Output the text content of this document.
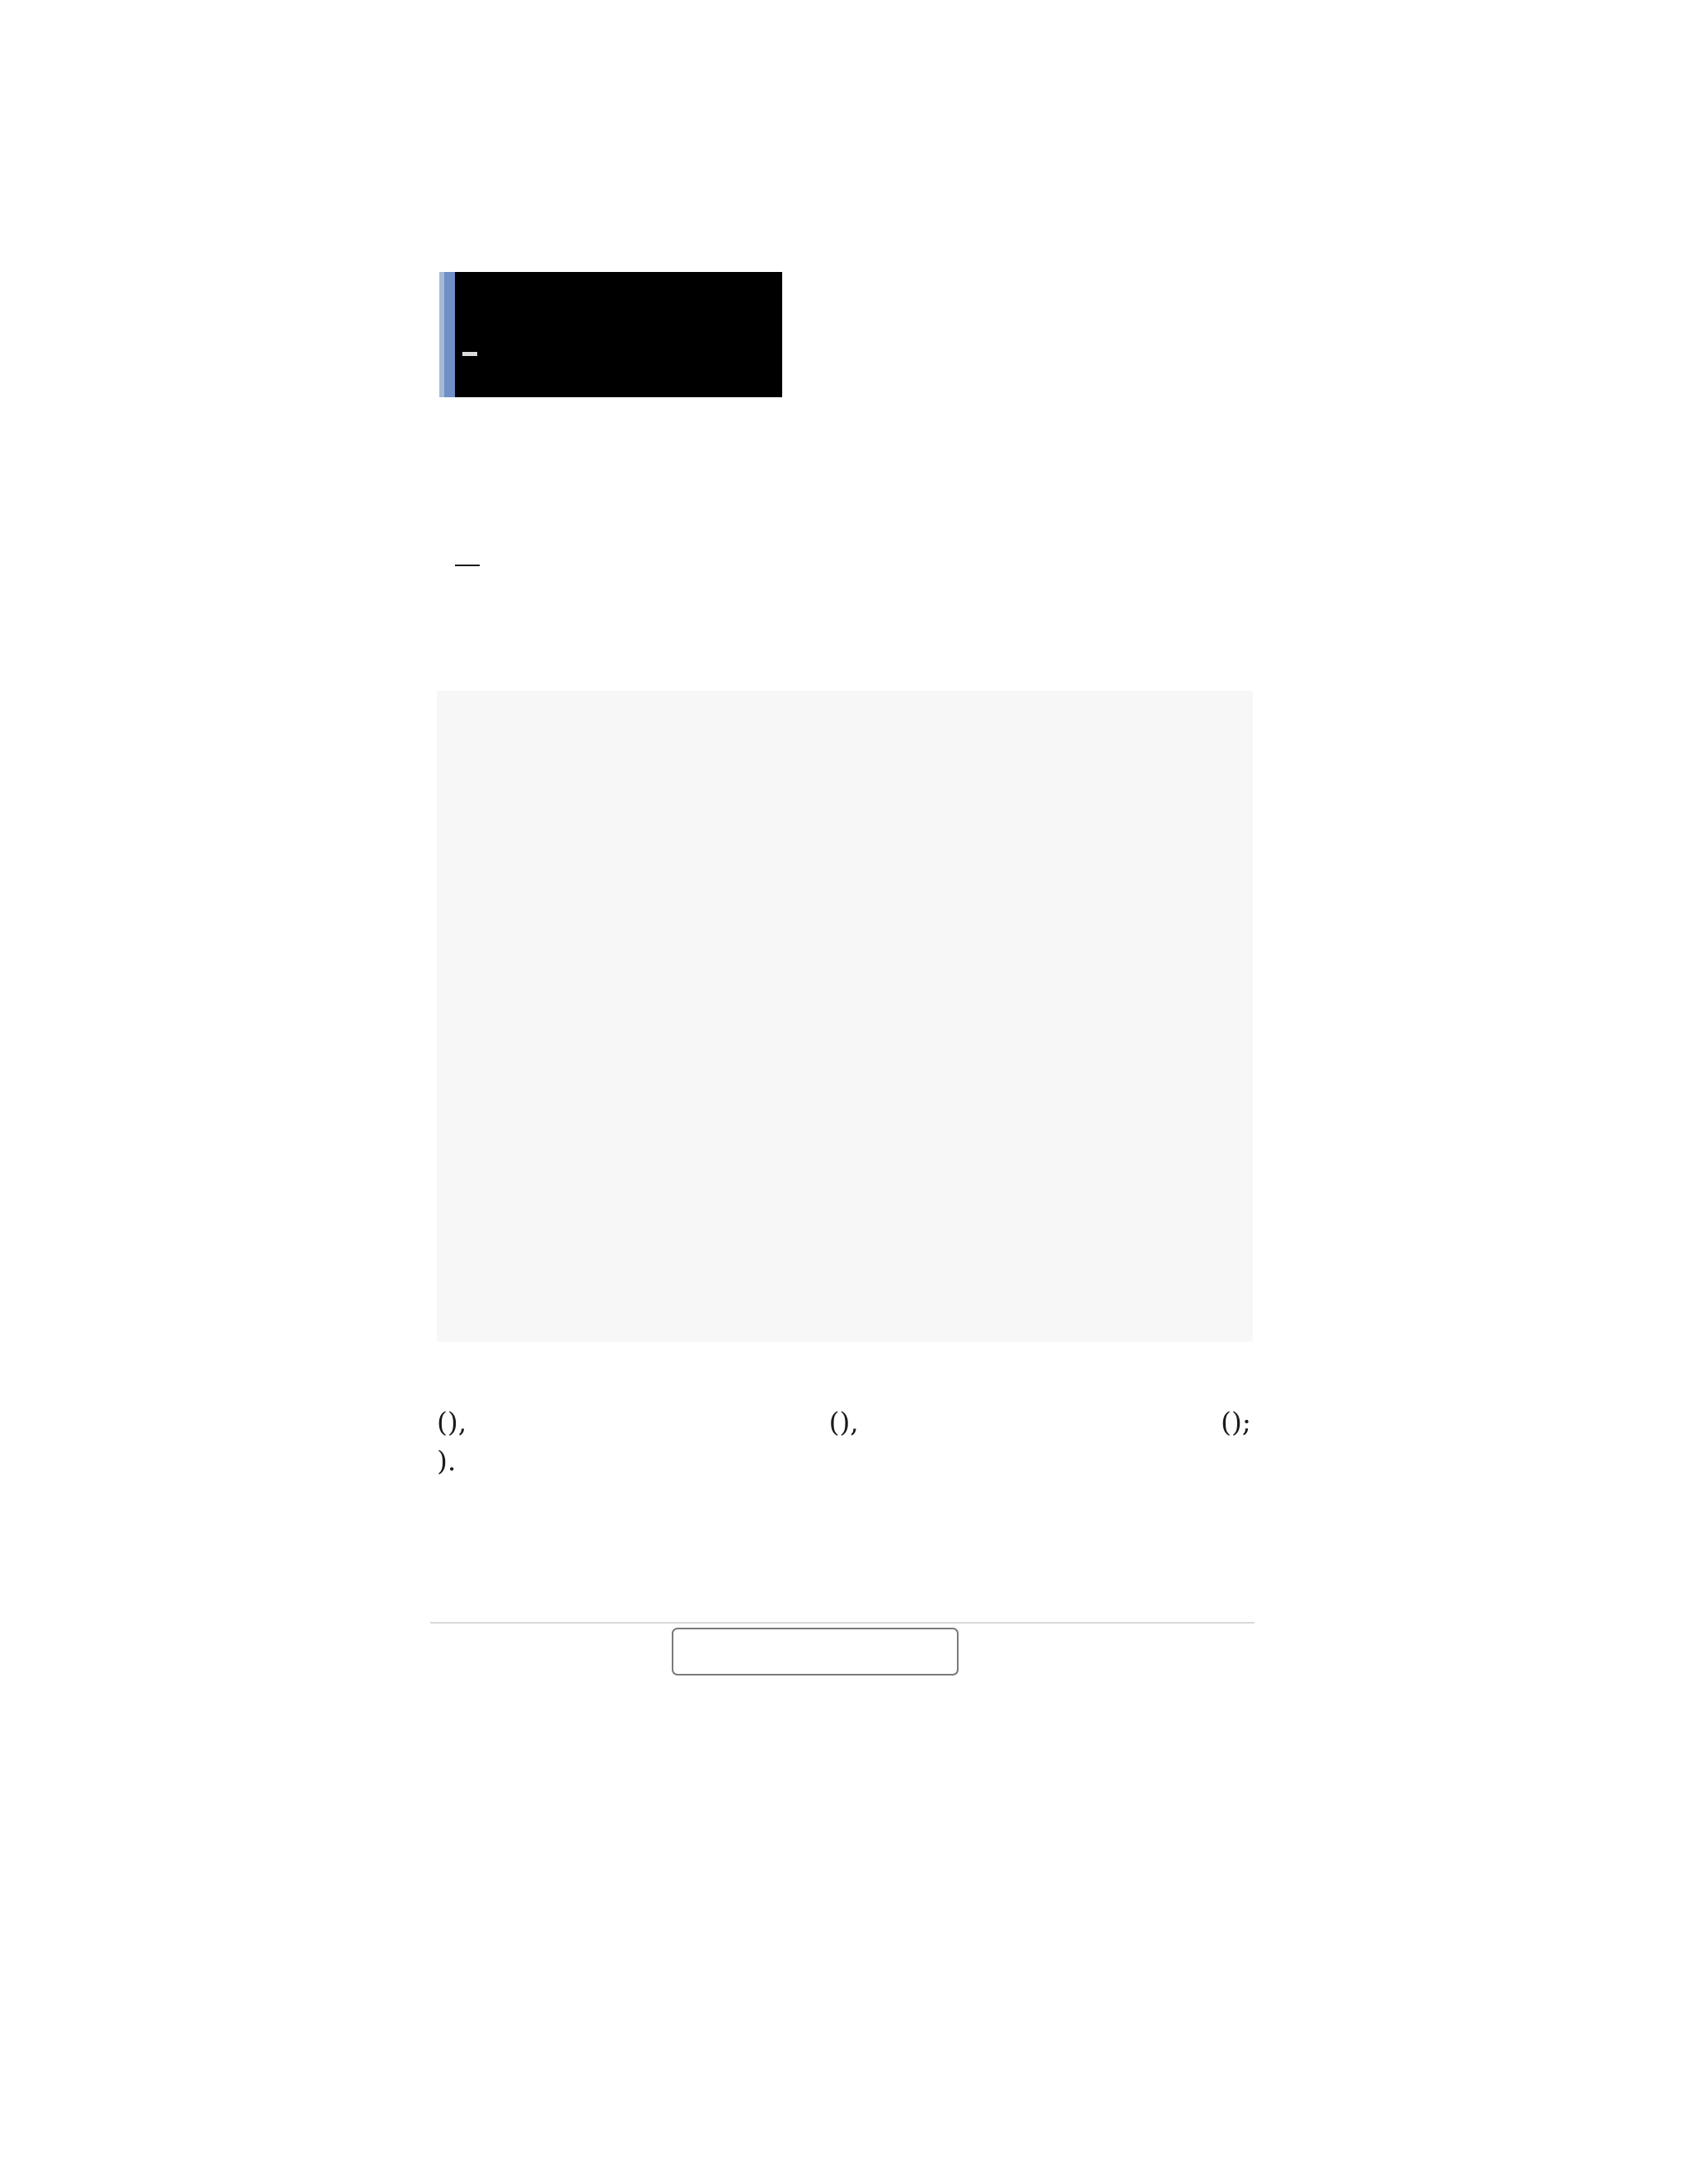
(),	(),	();
).
